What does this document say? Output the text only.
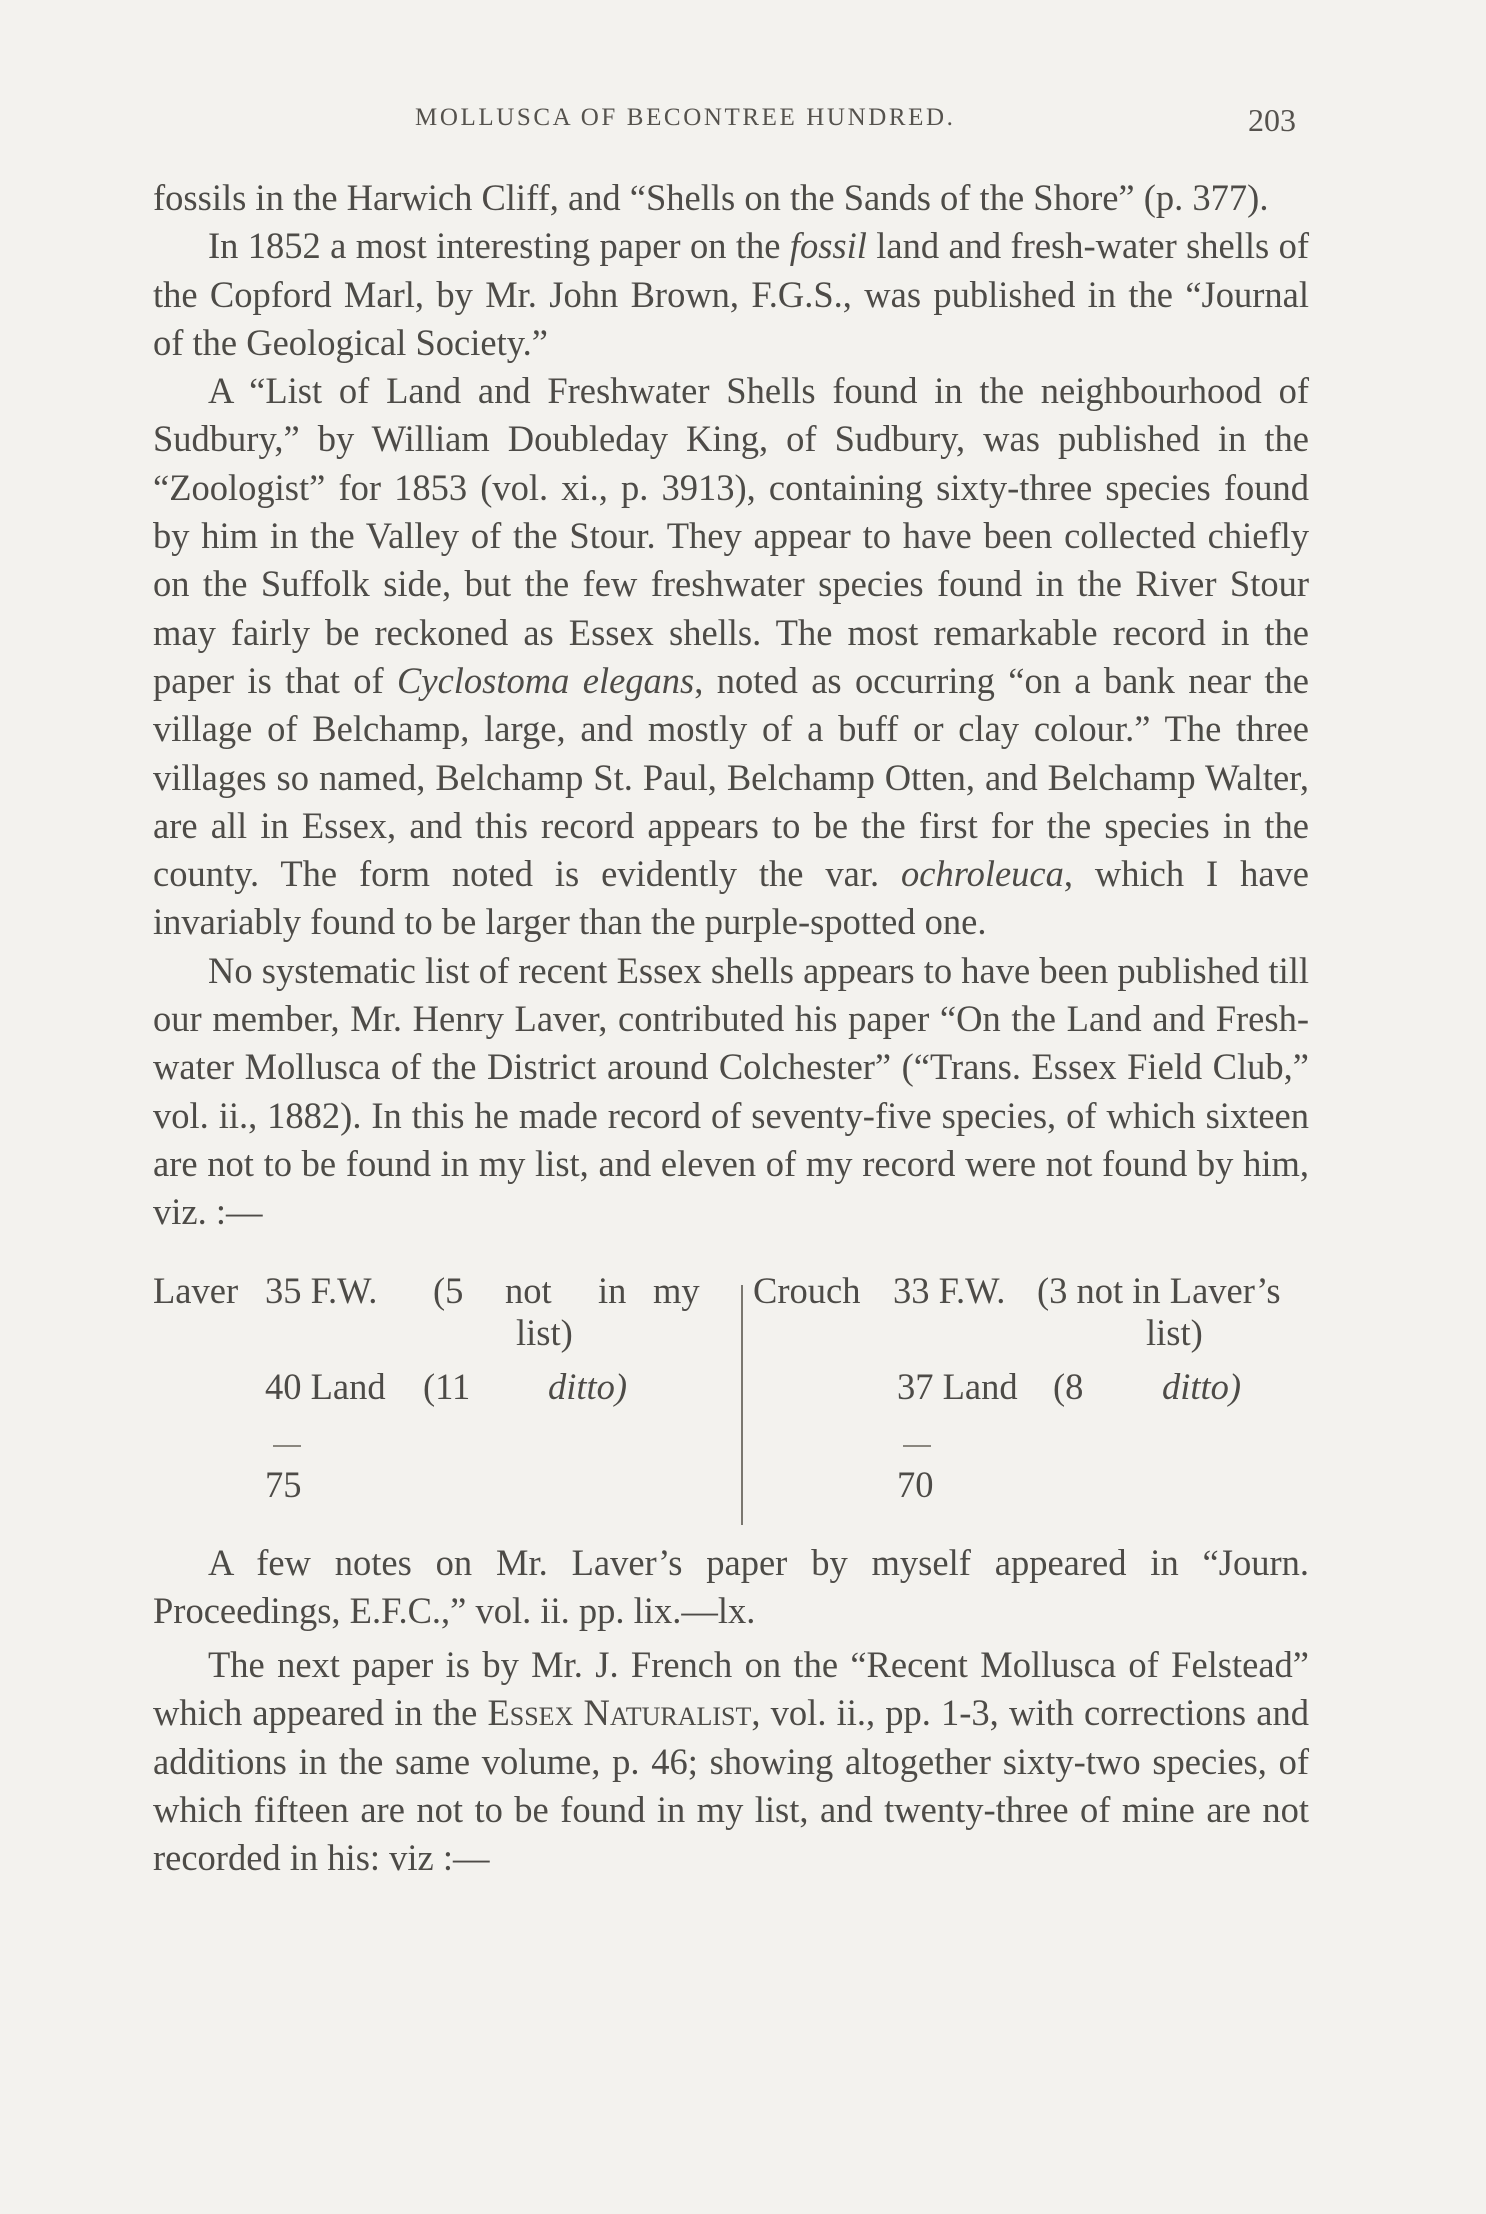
MOLLUSCA OF BECONTREE HUNDRED.	203

fossils in the Harwich Cliff, and “Shells on the Sands of the Shore” (p. 377).

In 1852 a most interesting paper on the fossil land and fresh-water shells of the Copford Marl, by Mr. John Brown, F.G.S., was published in the “Journal of the Geological Society.”

A “List of Land and Freshwater Shells found in the neighbourhood of Sudbury,” by William Doubleday King, of Sudbury, was published in the “Zoologist” for 1853 (vol. xi., p. 3913), containing sixty-three species found by him in the Valley of the Stour. They appear to have been collected chiefly on the Suffolk side, but the few freshwater species found in the River Stour may fairly be reckoned as Essex shells. The most remarkable record in the paper is that of Cyclostoma elegans, noted as occurring “on a bank near the village of Belchamp, large, and mostly of a buff or clay colour.” The three villages so named, Belchamp St. Paul, Belchamp Otten, and Belchamp Walter, are all in Essex, and this record appears to be the first for the species in the county. The form noted is evidently the var. ochroleuca, which I have invariably found to be larger than the purple-spotted one.

No systematic list of recent Essex shells appears to have been published till our member, Mr. Henry Laver, contributed his paper “On the Land and Fresh-water Mollusca of the District around Colchester” (“Trans. Essex Field Club,” vol. ii., 1882). In this he made record of seventy-five species, of which sixteen are not to be found in my list, and eleven of my record were not found by him, viz. :—

Laver 35 F.W. (5 not in my
list)
40 Land (11 ditto)
75
Crouch 33 F.W. (3 not in Laver’s
list)
37 Land (8 ditto)
70

A few notes on Mr. Laver’s paper by myself appeared in “Journ. Proceedings, E.F.C.,” vol. ii. pp. lix.—lx.

The next paper is by Mr. J. French on the “Recent Mollusca of Felstead” which appeared in the Essex Naturalist, vol. ii., pp. 1-3, with corrections and additions in the same volume, p. 46; showing altogether sixty-two species, of which fifteen are not to be found in my list, and twenty-three of mine are not recorded in his: viz :—
